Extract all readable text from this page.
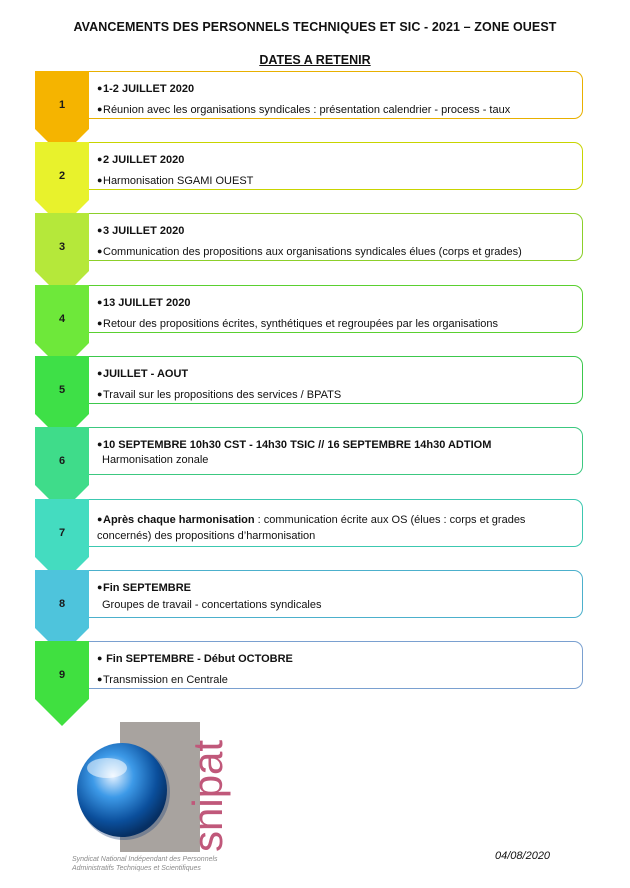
AVANCEMENTS DES PERSONNELS TECHNIQUES ET SIC - 2021 – ZONE OUEST
DATES A RETENIR
1
●1-2 JUILLET 2020
●Réunion avec les organisations syndicales : présentation calendrier - process - taux
2
●2 JUILLET 2020
●Harmonisation SGAMI OUEST
3
●3 JUILLET 2020
●Communication des propositions aux organisations syndicales élues (corps et grades)
4
●13 JUILLET 2020
●Retour des propositions écrites, synthétiques et regroupées par les organisations
5
●JUILLET - AOUT
●Travail sur les propositions des services / BPATS
6
●10 SEPTEMBRE 10h30 CST - 14h30 TSIC // 16 SEPTEMBRE 14h30 ADTIOM
Harmonisation zonale
7
●Après chaque harmonisation : communication écrite aux OS (élues : corps et grades concernés) des propositions d’harmonisation
8
●Fin SEPTEMBRE
Groupes de travail - concertations syndicales
9
● Fin SEPTEMBRE - Début OCTOBRE
●Transmission en Centrale
snipat
Syndicat National Indépendant des Personnels
Administratifs Techniques et Scientifiques
04/08/2020
